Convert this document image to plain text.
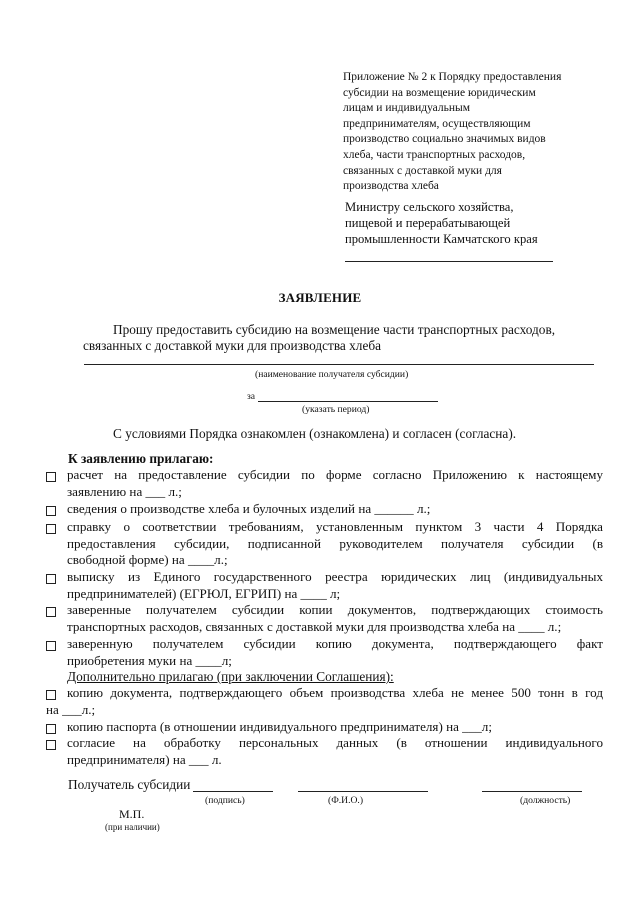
Приложение № 2 к Порядку предоставления
субсидии на возмещение юридическим
лицам и индивидуальным
предпринимателям, осуществляющим
производство социально значимых видов
хлеба, части транспортных расходов,
связанных с доставкой муки для
производства хлеба
Министру сельского хозяйства,
пищевой и перерабатывающей
промышленности Камчатского края
ЗАЯВЛЕНИЕ
Прошу предоставить субсидию на возмещение части транспортных расходов,
связанных с доставкой муки для производства хлеба
(наименование получателя субсидии)
за
(указать период)
С условиями Порядка ознакомлен (ознакомлена) и согласен (согласна).
К заявлению прилагаю:
расчет на предоставление субсидии по форме согласно Приложению к настоящему
заявлению на ___ л.;
сведения о производстве хлеба и булочных изделий на ______ л.;
справку о соответствии требованиям, установленным пунктом 3 части 4 Порядка
предоставления субсидии, подписанной руководителем получателя субсидии (в
свободной форме) на ____л.;
выписку из Единого государственного реестра юридических лиц (индивидуальных
предпринимателей) (ЕГРЮЛ, ЕГРИП) на ____ л;
заверенные получателем субсидии копии документов, подтверждающих стоимость
транспортных расходов, связанных с доставкой муки для производства хлеба на ____ л.;
заверенную получателем субсидии копию документа, подтверждающего факт
приобретения муки на ____л;
Дополнительно прилагаю (при заключении Соглашения):
копию документа, подтверждающего объем производства хлеба не менее 500 тонн в год
на ___л.;
копию паспорта (в отношении индивидуального предпринимателя) на ___л;
согласие на обработку персональных данных (в отношении индивидуального
предпринимателя) на ___ л.
Получатель субсидии
(подпись)	(Ф.И.О.)	(должность)
М.П.
(при наличии)
